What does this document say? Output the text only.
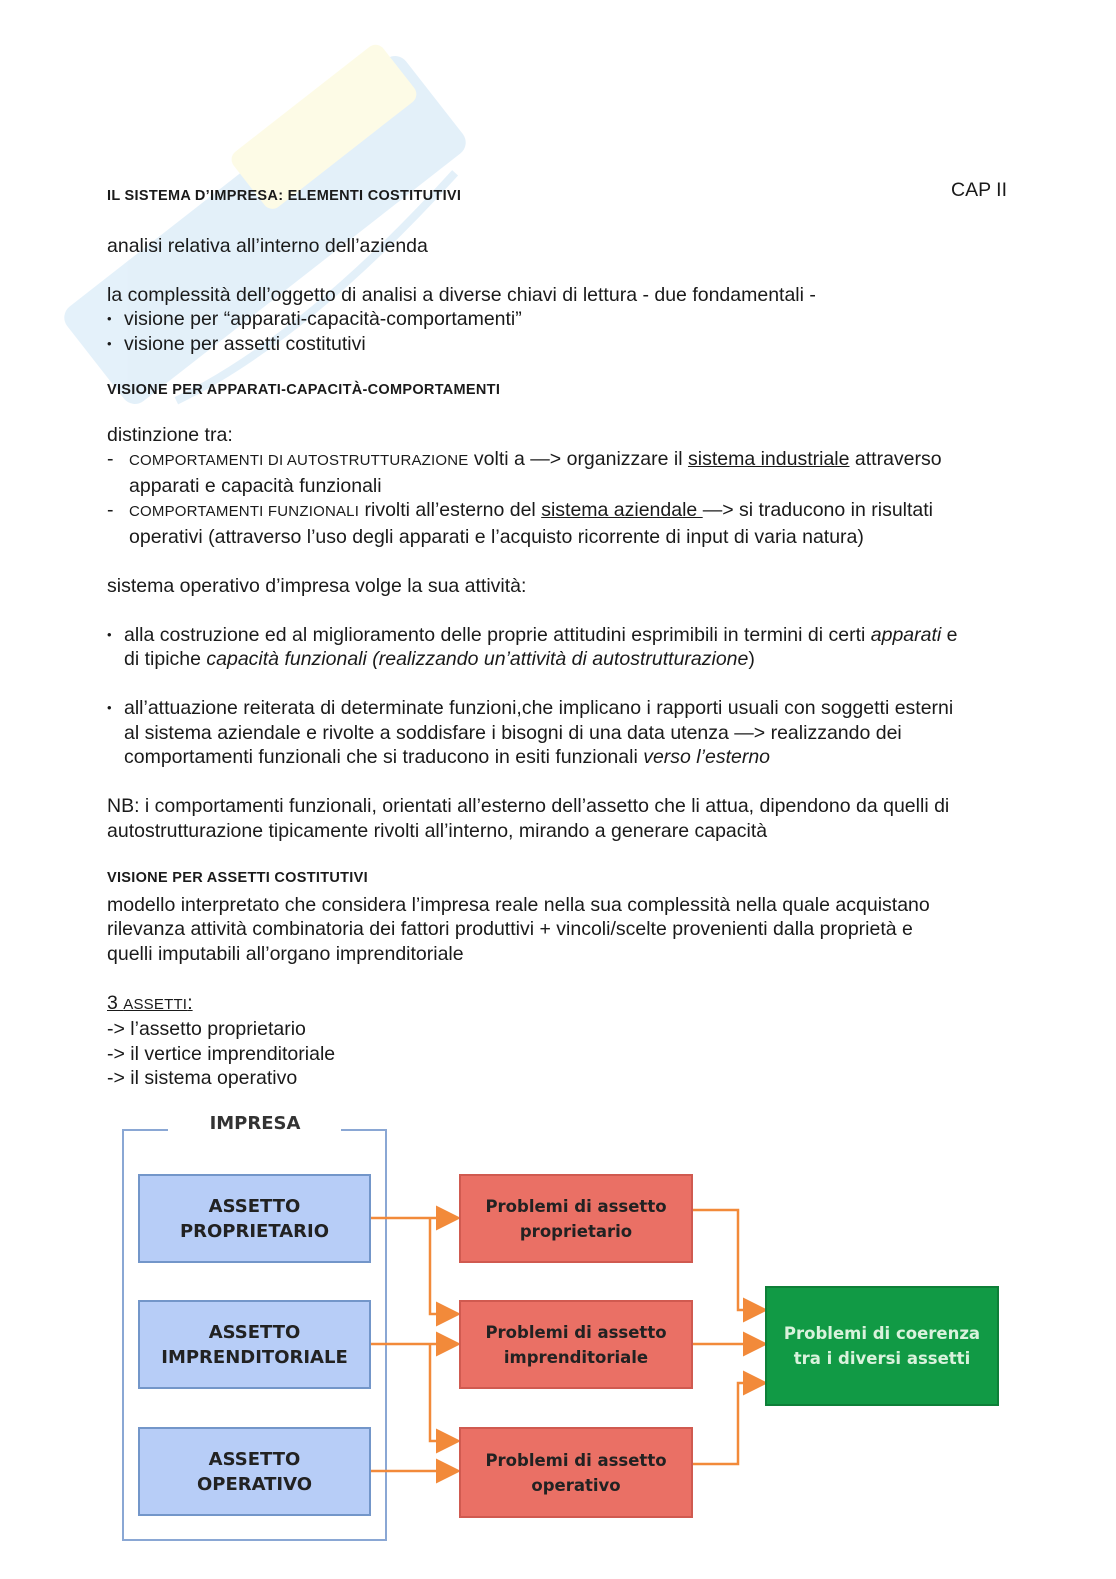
CAP II

IL SISTEMA D’IMPRESA: ELEMENTI COSTITUTIVI

analisi relativa all’interno dell’azienda

la complessità dell’oggetto di analisi a diverse chiavi di lettura - due fondamentali -

• visione per “apparati-capacità-comportamenti”
• visione per assetti costitutivi

VISIONE PER APPARATI-CAPACITÀ-COMPORTAMENTI

distinzione tra:

-	COMPORTAMENTI DI AUTOSTRUTTURAZIONE volti a —> organizzare il sistema industriale attraverso
apparati e capacità funzionali
-	COMPORTAMENTI FUNZIONALI rivolti all’esterno del sistema aziendale —> si traducono in risultati
operativi (attraverso l’uso degli apparati e l’acquisto ricorrente di input di varia natura)

sistema operativo d’impresa volge la sua attività:

• alla costruzione ed al miglioramento delle proprie attitudini esprimibili in termini di certi apparati e
di tipiche capacità funzionali (realizzando un’attività di autostrutturazione)
• all’attuazione reiterata di determinate funzioni,che implicano i rapporti usuali con soggetti esterni
al sistema aziendale e rivolte a soddisfare i bisogni di una data utenza —> realizzando dei
comportamenti funzionali che si traducono in esiti funzionali verso l’esterno

NB: i comportamenti funzionali, orientati all’esterno dell’assetto che li attua, dipendono da quelli di
autostrutturazione tipicamente rivolti all’interno, mirando a generare capacità

VISIONE PER ASSETTI COSTITUTIVI

modello interpretato che considera l’impresa reale nella sua complessità nella quale acquistano
rilevanza attività combinatoria dei fattori produttivi + vincoli/scelte provenienti dalla proprietà e
quelli imputabili all’organo imprenditoriale

3 ASSETTI:

-> l’assetto proprietario

-> il vertice imprenditoriale

-> il sistema operativo

IMPRESA
ASSETTO
PROPRIETARIO
ASSETTO
IMPRENDITORIALE
ASSETTO
OPERATIVO
Problemi di assetto
proprietario
Problemi di assetto
imprenditoriale
Problemi di assetto
operativo
Problemi di coerenza
tra i diversi assetti
